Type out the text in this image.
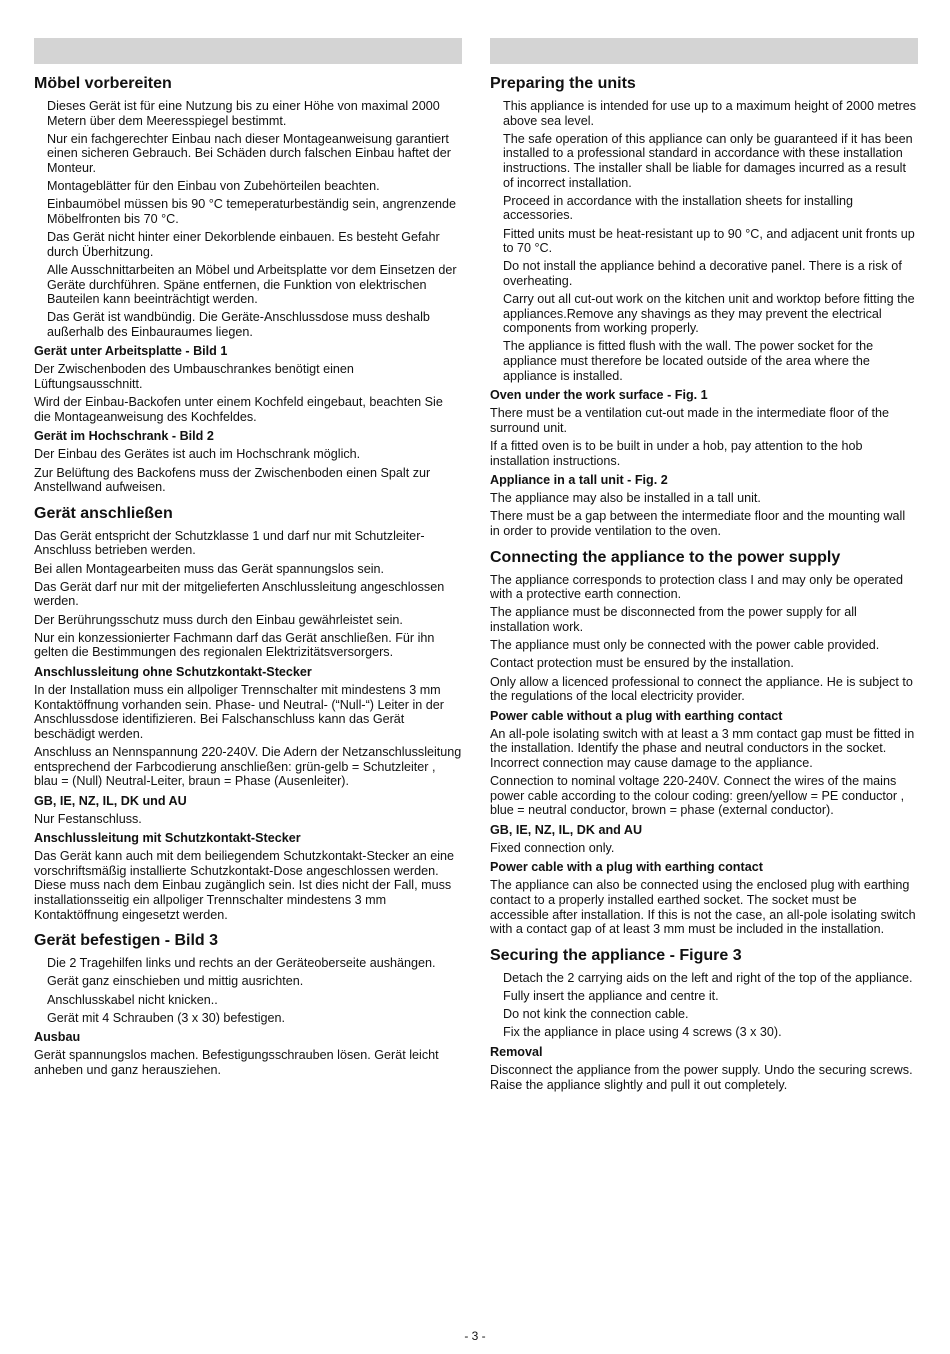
Möbel vorbereiten

Dieses Gerät ist für eine Nutzung bis zu einer Höhe von maximal 2000 Metern über dem Meeresspiegel bestimmt.

Nur ein fachgerechter Einbau nach dieser Montageanweisung garantiert einen sicheren Gebrauch. Bei Schäden durch falschen Einbau haftet der Monteur.

Montageblätter für den Einbau von Zubehörteilen beachten.

Einbaumöbel müssen bis 90 °C temeperaturbeständig sein, angrenzende Möbelfronten bis 70 °C.

Das Gerät nicht hinter einer Dekorblende einbauen. Es besteht Gefahr durch Überhitzung.

Alle Ausschnittarbeiten an Möbel und Arbeitsplatte vor dem Einsetzen der Geräte durchführen. Späne entfernen, die Funktion von elektrischen Bauteilen kann beeinträchtigt werden.

Das Gerät ist wandbündig. Die Geräte-Anschlussdose muss deshalb außerhalb des Einbauraumes liegen.

Gerät unter Arbeitsplatte - Bild 1

Der Zwischenboden des Umbauschrankes benötigt einen Lüftungsausschnitt.

Wird der Einbau-Backofen unter einem Kochfeld eingebaut, beachten Sie die Montageanweisung des Kochfeldes.

Gerät im Hochschrank - Bild 2

Der Einbau des Gerätes ist auch im Hochschrank möglich.

Zur Belüftung des Backofens muss der Zwischenboden einen Spalt zur Anstellwand aufweisen.

Gerät anschließen

Das Gerät entspricht der Schutzklasse 1 und darf nur mit Schutzleiter-Anschluss betrieben werden.

Bei allen Montagearbeiten muss das Gerät spannungslos sein.

Das Gerät darf nur mit der mitgelieferten Anschlussleitung angeschlossen werden.

Der Berührungsschutz muss durch den Einbau gewährleistet sein.

Nur ein konzessionierter Fachmann darf das Gerät anschließen. Für ihn gelten die Bestimmungen des regionalen Elektrizitätsversorgers.

Anschlussleitung ohne Schutzkontakt-Stecker

In der Installation muss ein allpoliger Trennschalter mit mindestens 3 mm Kontaktöffnung vorhanden sein. Phase- und Neutral- (“Null-“) Leiter in der Anschlussdose identifizieren. Bei Falschanschluss kann das Gerät beschädigt werden.

Anschluss an Nennspannung 220-240V. Die Adern der Netzanschlussleitung entsprechend der Farbcodierung anschließen: grün-gelb = Schutzleiter , blau = (Null) Neutral-Leiter, braun = Phase (Ausenleiter).

GB, IE, NZ, IL, DK und AU

Nur Festanschluss.

Anschlussleitung mit Schutzkontakt-Stecker

Das Gerät kann auch mit dem beiliegendem Schutzkontakt-Stecker an eine vorschriftsmäßig installierte Schutzkontakt-Dose angeschlossen werden. Diese muss nach dem Einbau zugänglich sein. Ist dies nicht der Fall, muss installationsseitig ein allpoliger Trennschalter mindestens 3 mm Kontaktöffnung eingesetzt werden.

Gerät befestigen - Bild 3

Die 2 Tragehilfen links und rechts an der Geräteoberseite aushängen.

Gerät ganz einschieben und mittig ausrichten.

Anschlusskabel nicht knicken..

Gerät mit 4 Schrauben (3 x 30) befestigen.

Ausbau

Gerät spannungslos machen. Befestigungsschrauben lösen. Gerät leicht anheben und ganz herausziehen.

Preparing the units

This appliance is intended for use up to a maximum height of 2000 metres above sea level.

The safe operation of this appliance can only be guaranteed if it has been installed to a professional standard in accordance with these installation instructions. The installer shall be liable for damages incurred as a result of incorrect installation.

Proceed in accordance with the installation sheets for installing accessories.

Fitted units must be heat-resistant up to 90 °C, and adjacent unit fronts up to 70 °C.

Do not install the appliance behind a decorative panel. There is a risk of overheating.

Carry out all cut-out work on the kitchen unit and worktop before fitting the appliances.Remove any shavings as they may prevent the electrical components from working properly.

The appliance is fitted flush with the wall. The power socket for the appliance must therefore be located outside of the area where the appliance is installed.

Oven under the work surface - Fig. 1

There must be a ventilation cut-out made in the intermediate floor of the surround unit.

If a fitted oven is to be built in under a hob, pay attention to the hob installation instructions.

Appliance in a tall unit - Fig. 2

The appliance may also be installed in a tall unit.

There must be a gap between the intermediate floor and the mounting wall in order to provide ventilation to the oven.

Connecting the appliance to the power supply

The appliance corresponds to protection class I and may only be operated with a protective earth connection.

The appliance must be disconnected from the power supply for all installation work.

The appliance must only be connected with the power cable provided.

Contact protection must be ensured by the installation.

Only allow a licenced professional to connect the appliance. He is subject to the regulations of the local electricity provider.

Power cable without a plug with earthing contact

An all-pole isolating switch with at least a 3 mm contact gap must be fitted in the installation. Identify the phase and neutral conductors in the socket. Incorrect connection may cause damage to the appliance.

Connection to nominal voltage 220-240V. Connect the wires of the mains power cable according to the colour coding: green/yellow = PE conductor , blue = neutral conductor, brown = phase (external conductor).

GB, IE, NZ, IL, DK and AU

Fixed connection only.

Power cable with a plug with earthing contact

The appliance can also be connected using the enclosed plug with earthing contact to a properly installed earthed socket. The socket must be accessible after installation. If this is not the case, an all-pole isolating switch with a contact gap of at least 3 mm must be included in the installation.

Securing the appliance - Figure 3

Detach the 2 carrying aids on the left and right of the top of the appliance.

Fully insert the appliance and centre it.

Do not kink the connection cable.

Fix the appliance in place using 4 screws (3 x 30).

Removal

Disconnect the appliance from the power supply. Undo the securing screws. Raise the appliance slightly and pull it out completely.

- 3 -
